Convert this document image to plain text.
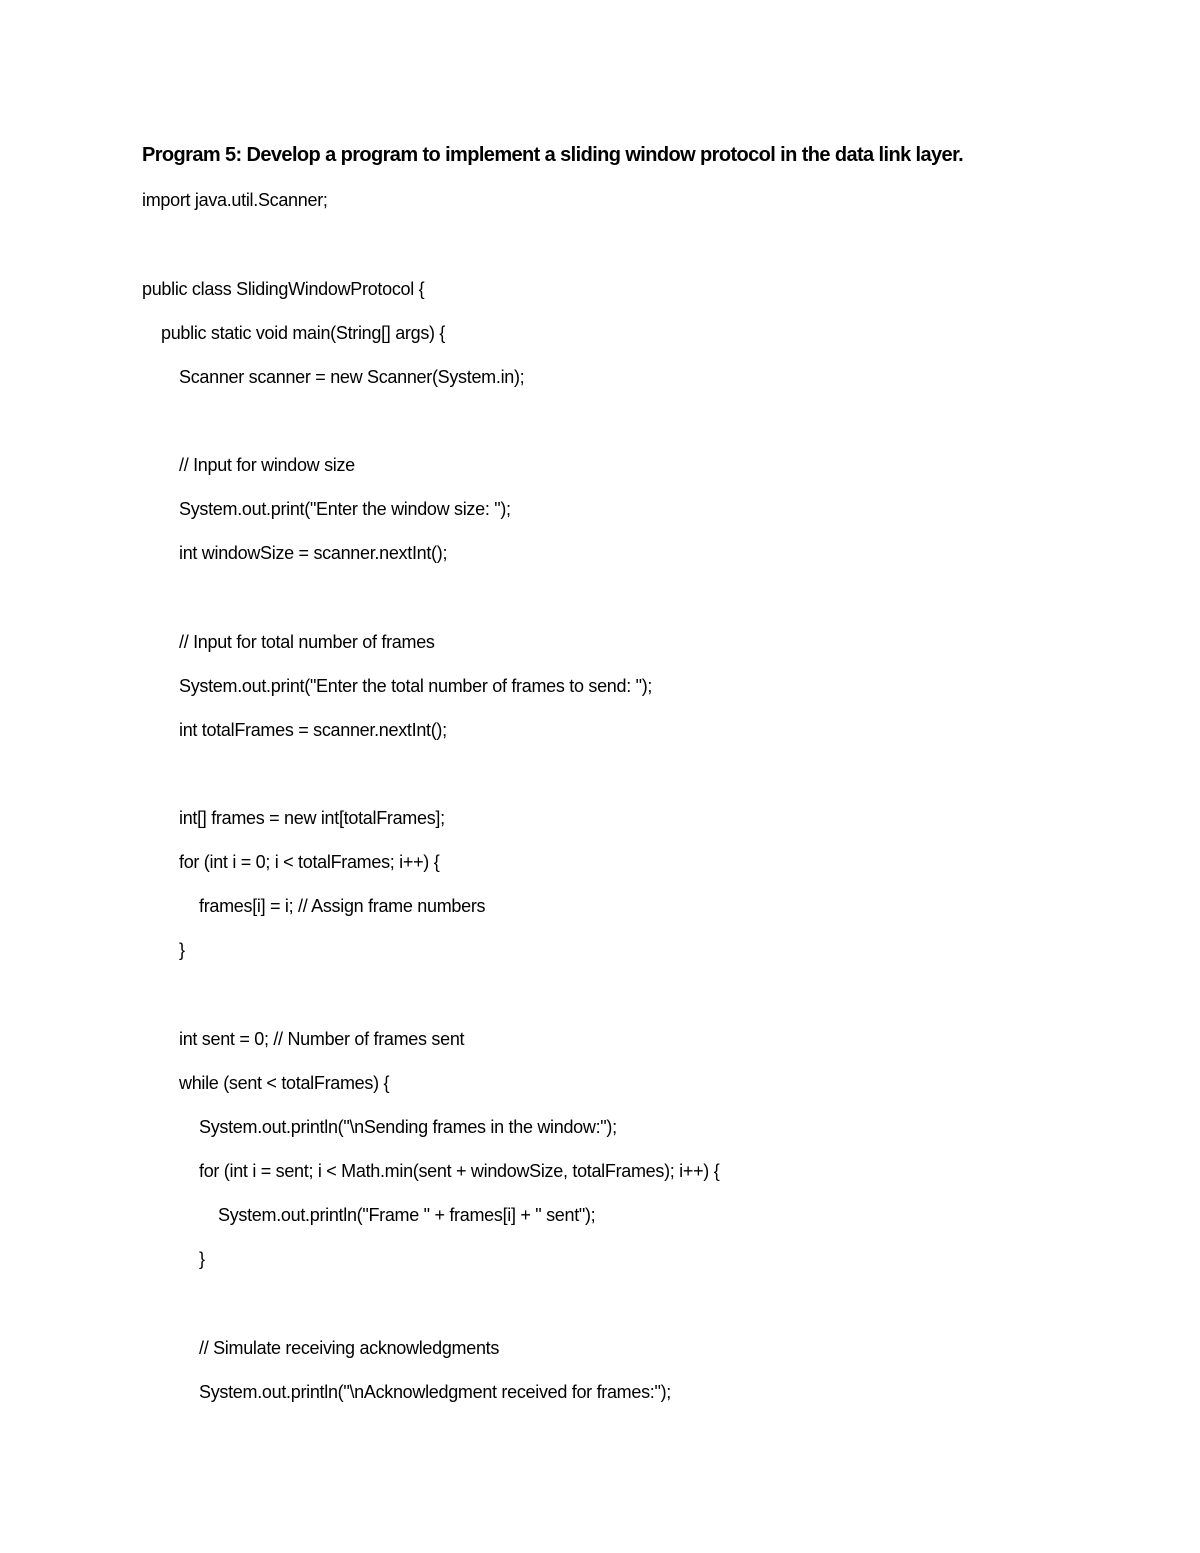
Program 5: Develop a program to implement a sliding window protocol in the data link layer.
import java.util.Scanner;
public class SlidingWindowProtocol {
public static void main(String[] args) {
Scanner scanner = new Scanner(System.in);
// Input for window size
System.out.print("Enter the window size: ");
int windowSize = scanner.nextInt();
// Input for total number of frames
System.out.print("Enter the total number of frames to send: ");
int totalFrames = scanner.nextInt();
int[] frames = new int[totalFrames];
for (int i = 0; i < totalFrames; i++) {
frames[i] = i; // Assign frame numbers
}
int sent = 0; // Number of frames sent
while (sent < totalFrames) {
System.out.println("\nSending frames in the window:");
for (int i = sent; i < Math.min(sent + windowSize, totalFrames); i++) {
System.out.println("Frame " + frames[i] + " sent");
}
// Simulate receiving acknowledgments
System.out.println("\nAcknowledgment received for frames:");
